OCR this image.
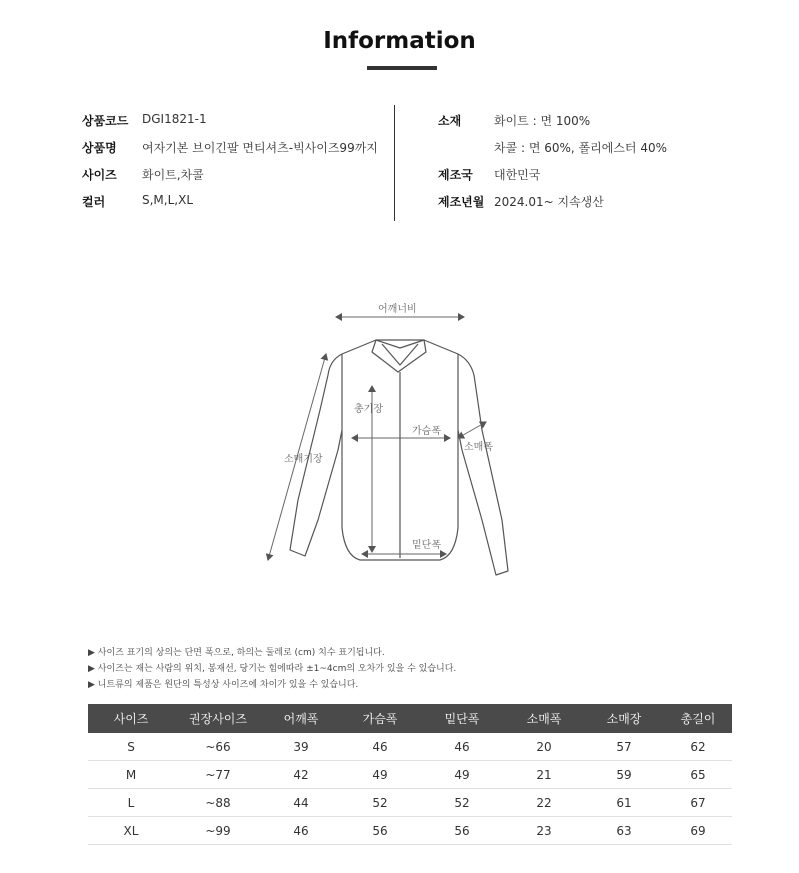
Information
상품코드 DGI1821-1
상품명 여자기본 브이긴팔 면티셔츠-빅사이즈99까지
사이즈 화이트,차콜
컬러	S,M,L,XL
소재	화이트 : 면 100%
차콜 : 면 60%, 폴리에스터 40%
제조국 대한민국
제조년월 2024.01~ 지속생산
어깨너비
총기장
가슴폭
소매폭
소매기장
밑단폭
▶ 사이즈 표기의 상의는 단면 폭으로, 하의는 둘레로 (cm) 치수 표기됩니다.
▶ 사이즈는 재는 사람의 위치, 봉재선, 당기는 힘에따라 ±1~4cm의 오차가 있을 수 있습니다.
▶ 니트류의 제품은 원단의 특성상 사이즈에 차이가 있을 수 있습니다.
사이즈	권장사이즈	어깨폭	가슴폭	밑단폭	소매폭	소매장	총길이
S	~66	39	46	46	20	57	62
M	~77	42	49	49	21	59	65
L	~88	44	52	52	22	61	67
XL	~99	46	56	56	23	63	69
